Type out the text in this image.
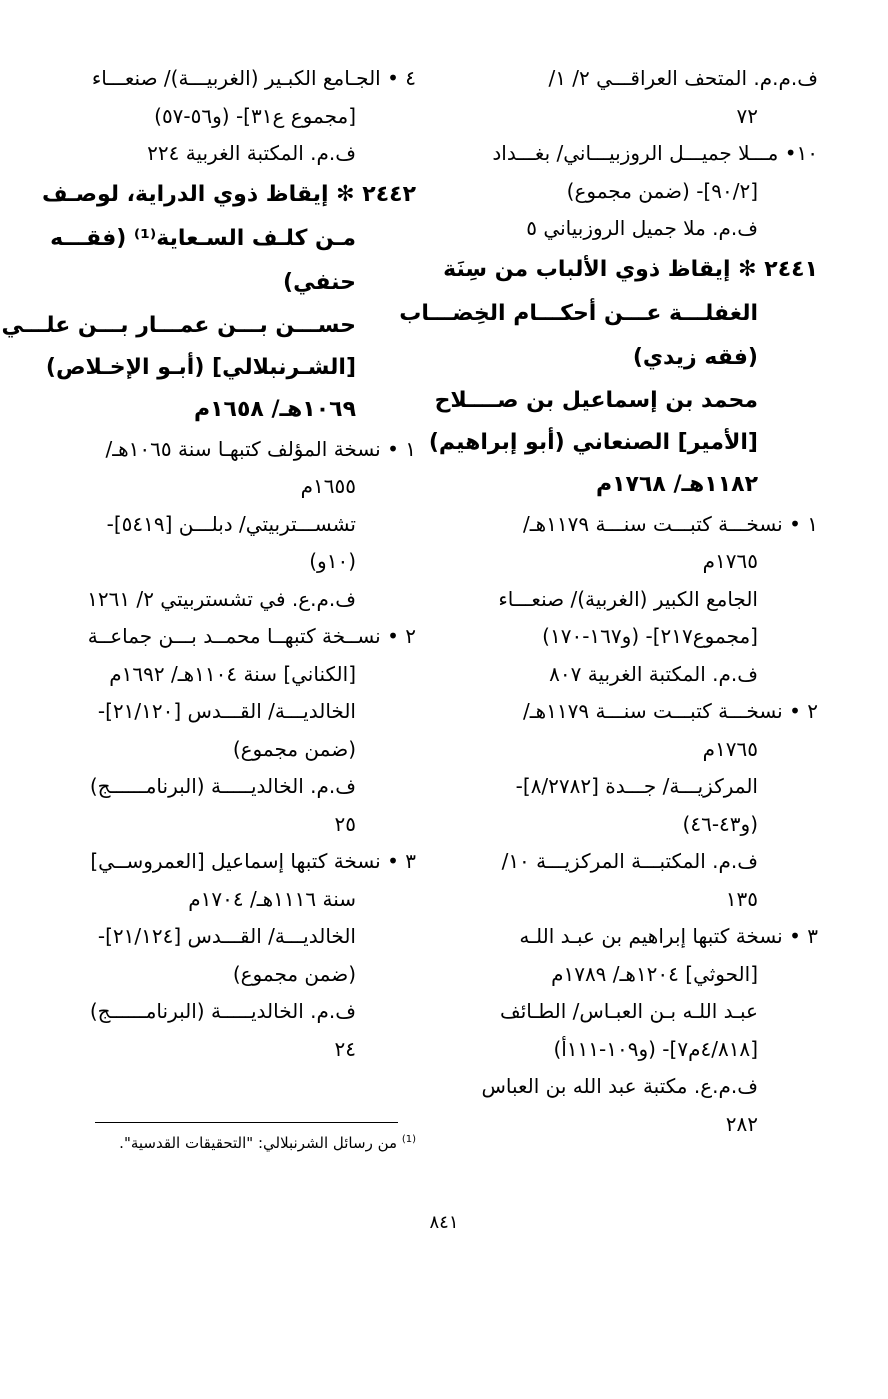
ف.م.م. المتحف العراقـــي ٢/ ١/
٧٢
١٠• مـــلا جميـــل الروزبيـــاني/ بغـــداد
[٩٠/٢]- (ضمن مجموع)
ف.م. ملا جميل الروزبياني ٥
٢٤٤١ ✻ إيقاظ ذوي الألباب من سِنَة
الغفلـــة عـــن أحكـــام الخِضـــاب
(فقه زيدي)
محمد بن إسماعيل بن صــــلاح
[الأمير] الصنعاني (أبو إبراهيم)
١١٨٢هـ/ ١٧٦٨م
١ • نسخـــة كتبـــت سنـــة ١١٧٩هـ/
١٧٦٥م
الجامع الكبير (الغربية)/ صنعـــاء
[مجموع٢١٧]- (و١٦٧-١٧٠)
ف.م. المكتبة الغربية ٨٠٧
٢ • نسخـــة كتبـــت سنـــة ١١٧٩هـ/
١٧٦٥م
المركزيـــة/ جـــدة [٨/٢٧٨٢]-
(و٤٣-٤٦)
ف.م. المكتبـــة المركزيـــة ١٠/
١٣٥
٣ • نسخة كتبها إبراهيم بن عبـد اللـه
[الحوثي] ١٢٠٤هـ/ ١٧٨٩م
عبـد اللـه بـن العبـاس/ الطـائف
[٤/٨١٨م٧]- (و١٠٩-١١١أ)
ف.م.ع. مكتبة عبد الله بن العباس
٢٨٢
٤ • الجـامع الكبـير (الغربيـــة)/ صنعـــاء
[مجموع ع٣١]- (و٥٦-٥٧)
ف.م. المكتبة الغربية ٢٢٤
٢٤٤٢ ✻ إيقاظ ذوي الدراية، لوصـف
مـن كلـف السـعاية⁽¹⁾ (فقـــه
حنفي)
حســـن بـــن عمـــار بـــن علـــي
[الشـرنبلالي] (أبـو الإخـلاص)
١٠٦٩هـ/ ١٦٥٨م
١ • نسخة المؤلف كتبهـا سنة ١٠٦٥هـ/
١٦٥٥م
تشســـتربيتي/ دبلـــن [٥٤١٩]-
(١٠و)
ف.م.ع. في تشستربيتي ٢/ ١٢٦١
٢ • نســخة كتبهــا محمــد بـــن جماعــة
[الكناني] سنة ١١٠٤هـ/ ١٦٩٢م
الخالديـــة/ القـــدس [٢١/١٢٠]-
(ضمن مجموع)
ف.م. الخالديـــــة (البرنامــــــج)
٢٥
٣ • نسخة كتبها إسماعيل [العمروســي]
سنة ١١١٦هـ/ ١٧٠٤م
الخالديـــة/ القـــدس [٢١/١٢٤]-
(ضمن مجموع)
ف.م. الخالديـــــة (البرنامــــــج)
٢٤
$^{(1)}$ من رسائل الشرنبلالي: "التحقيقات القدسية".
٨٤١
